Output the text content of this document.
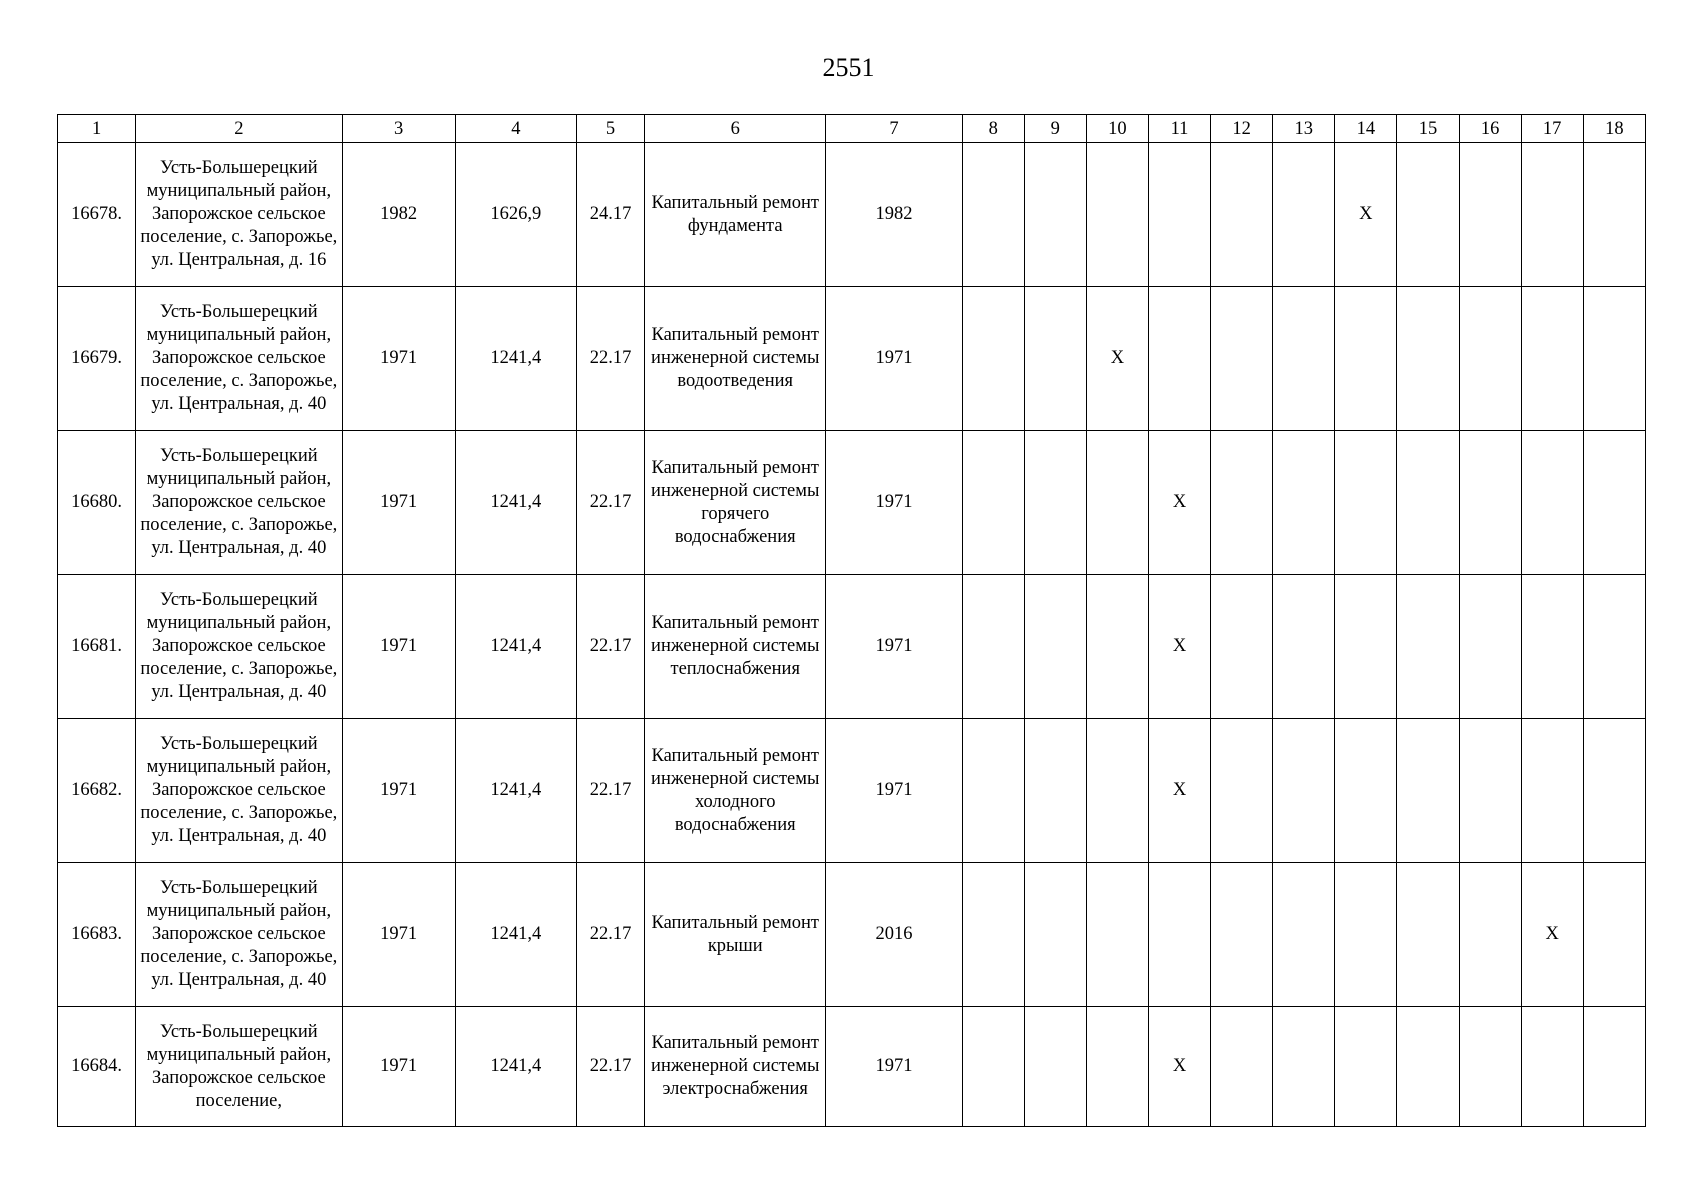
2551
1	2	3	4	5	6	7	8	9	10	11	12	13	14	15	16	17	18
16678.	Усть-Большерецкий муниципальный район, Запорожское сельское поселение, с. Запорожье, ул. Центральная, д. 16	1982	1626,9	24.17	Капитальный ремонт фундамента	1982							X				
16679.	Усть-Большерецкий муниципальный район, Запорожское сельское поселение, с. Запорожье, ул. Центральная, д. 40	1971	1241,4	22.17	Капитальный ремонт инженерной системы водоотведения	1971			X								
16680.	Усть-Большерецкий муниципальный район, Запорожское сельское поселение, с. Запорожье, ул. Центральная, д. 40	1971	1241,4	22.17	Капитальный ремонт инженерной системы горячего водоснабжения	1971				X							
16681.	Усть-Большерецкий муниципальный район, Запорожское сельское поселение, с. Запорожье, ул. Центральная, д. 40	1971	1241,4	22.17	Капитальный ремонт инженерной системы теплоснабжения	1971				X							
16682.	Усть-Большерецкий муниципальный район, Запорожское сельское поселение, с. Запорожье, ул. Центральная, д. 40	1971	1241,4	22.17	Капитальный ремонт инженерной системы холодного водоснабжения	1971				X							
16683.	Усть-Большерецкий муниципальный район, Запорожское сельское поселение, с. Запорожье, ул. Центральная, д. 40	1971	1241,4	22.17	Капитальный ремонт крыши	2016										X	
16684.	Усть-Большерецкий муниципальный район, Запорожское сельское поселение,	1971	1241,4	22.17	Капитальный ремонт инженерной системы электроснабжения	1971				X							
